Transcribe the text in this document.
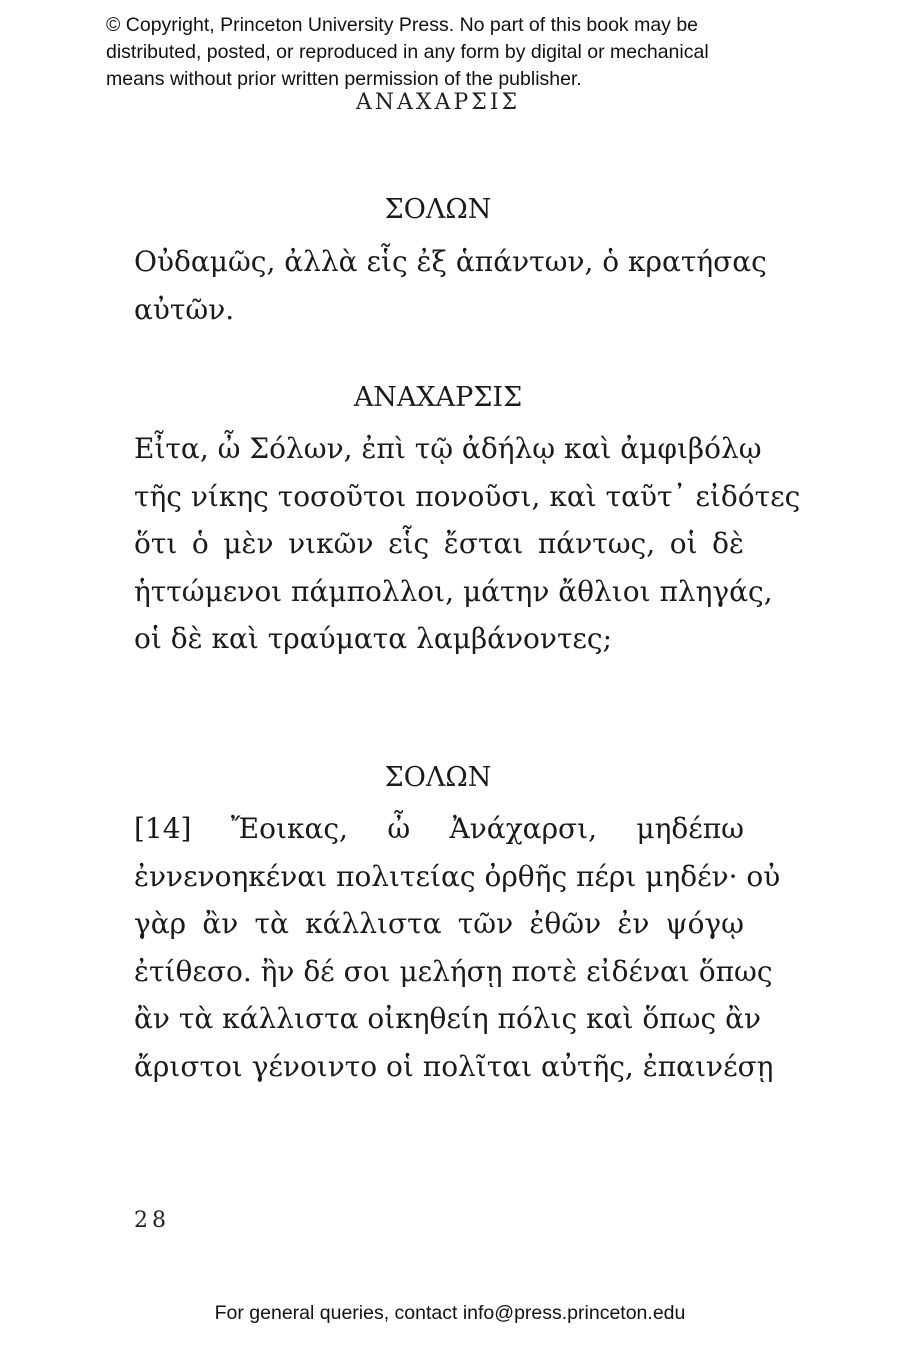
© Copyright, Princeton University Press. No part of this book may be
distributed, posted, or reproduced in any form by digital or mechanical
means without prior written permission of the publisher.
ΑΝΑΧΑΡΣΙΣ
ΣΟΛΩΝ
Οὐδαμῶς, ἀλλὰ εἷς ἐξ ἁπάντων, ὁ κρατήσας
αὐτῶν.
ΑΝΑΧΑΡΣΙΣ
Εἶτα, ὦ Σόλων, ἐπὶ τῷ ἀδήλῳ καὶ ἀμφιβόλῳ
τῆς νίκης τοσοῦτοι πονοῦσι, καὶ ταῦτ᾽ εἰδότες
ὅτι ὁ μὲν νικῶν εἷς ἔσται πάντως, οἱ δὲ
ἡττώμενοι πάμπολλοι, μάτην ἄθλιοι πληγάς,
οἱ δὲ καὶ τραύματα λαμβάνοντες;
ΣΟΛΩΝ
[14] Ἔοικας, ὦ Ἀνάχαρσι, μηδέπω
ἐννενοηκέναι πολιτείας ὀρθῆς πέρι μηδέν· οὐ
γὰρ ἂν τὰ κάλλιστα τῶν ἐθῶν ἐν ψόγῳ
ἐτίθεσο. ἢν δέ σοι μελήσῃ ποτὲ εἰδέναι ὅπως
ἂν τὰ κάλλιστα οἰκηθείη πόλις καὶ ὅπως ἂν
ἄριστοι γένοιντο οἱ πολῖται αὐτῆς, ἐπαινέσῃ
28
For general queries, contact info@press.princeton.edu
